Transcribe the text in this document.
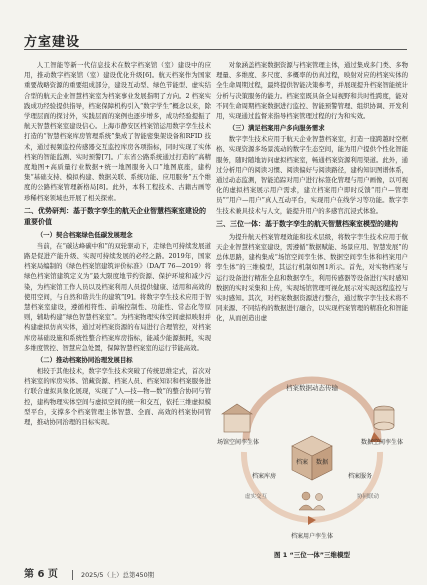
方室建设

人工智能等新一代信息技术在数字档案馆（室）建设中的应用，推动数字档案馆（室）建设优化升级[6]。航天档案作为国家重要战略资源的重要组成部分，建设互动型、绿色节能型、虚实结合型的航天企业智慧档案室为档案事业发展指明了方向。2 档案实践成功经验提供指导，档案保障机构引入“数字学生”概念以来，除学理层面的探讨外，实践层面的案例也逐步增多，成功经验提振了航天智慧档案室建设信心。上海市静安区档案馆运用数字孪生技术打造的“智慧档案库房管理系统”集成了智能密集架设备和RFID 技术，通过视频监控传感器交互监控库房各项指标，同时实现了实体档案的智能监测、实时预警[7]。广东省公路系统通过打造的“高精度地图+高质量行业数据+统一地图服务入口”地图底座，建构集“基础支持、模拟构建、数据关联、系统功能、应用服务”五个维度的公路档案管理新格局[8]。此外，本科工程技术、古籍古画等珍稀档案领域也开展了相关探索。

二、优势研判：基于数字孪生的航天企业智慧档案室建设的重要价值
（一）契合档案绿色低碳发展理念

当前，在“碳达峰碳中和”的双轮驱动下，走绿色可持续发展道路是促进产能升级、实现可持续发展的必经之路。2019年，国家档案局编制的《绿色档案馆建筑评价标准》（DA/T 76—2019）将绿色档案馆建筑定义为“最大限度地节约资源、保护环境和减少污染，为档案馆工作人员以及档案利用人员提供健康、适用和高效的使用空间，与自然和谐共生的建筑”[9]。将数字孪生技术应用于智慧档案室建设，遵循相符性、前端控制性、功能性、常态化等原则，辅助构建“绿色智慧档案室”。为档案物理实体空间虚拟映射并构建虚拟仿真实体，通过对档案资源的布局进行合理管控，对档案库房基础设施和系统性整合档案库房指标，能减少能源损耗，实现多维度管控、智慧应急处置，保障智慧档案室的运行节能高效。

（二）推动档案协同治理发展目标

相较于其他技术，数字孪生技术突破了传统思维定式，首次对档案室的库房实体、馆藏资源、档案人员、档案知识和档案服务进行联合虚拟具象化展现，实现了“人—技—物—数”的整合协同与管控，建构物理实体空间与虚拟空间的统一和交互，依托三维虚拟模型平台，支撑多个档案管理主体智慧、全面、高效的档案协同管理，推动协同治理的目标实现。

对象涵盖档案数据资源与档案管理主体，通过集成多门类、多物理量、多维度、多尺度、多概率的仿真过程，映射对应的档案实体的全生命周期过程，最终提供智能决策参考，并展现提升档案智能统计分析与决策服务的能力。档案室既具备全局视野和共时性跨度，能对不同生命周期档案数据进行监控、智能预警管理、组织协调、开发利用，实现通过监督来指导档案管理过程的行为和实效。

（三）满足档案用户多向服务需求

数字孪生技术应用于航天企业智慧档案室，打造一座跨越时空框格、实现资源多场景流动的数字生态空间，能为用户提供个性化智能服务，随时随地访问虚拟档案室，畅通档案资源利用渠道。此外，通过分析用户的阅读习惯、阅读偏好与阅读路径，建构知识图谱体系，通过动态监测，智能追踪对用户进行标签化管理与用户画像，以可视化的虚拟档案展示用户需求，建立档案用户即时反馈“用户—管理员”“用户—用户”真人互动平台，实现用户在线学习等功能。数字孪生技术兼具技术与人文，能提升用户的多感官沉浸式体验。

三、三位一体：基于数字孪生的航天智慧档案室模型的建构

为提升航天档案管理效能和技术层级，将数字孪生技术应用于航天企业智慧档案室建设，需遵循“数据赋能、场景应用、智慧发展”的总体思路，建构集成“场馆空间孪生体、数据空间孪生体和档案用户孪生体”的三维模型，其运行机制如图1所示。首先，对实物档案与运行设备进行精准全息和数据孪生，利用传感器等设备进行实时感知数据的实时采集和上传，实现场馆管理可视化展示对实现远程监控与实时感知。其次，对档案数据资源进行整合，通过数字孪生技术将不同来源、不同结构的数据进行融合，以实现档案管理的精准化和智能化，从而创造出虚

档案数据动态传输
场馆空间孪生体	数据空间孪生体
档案 数据
档案库房	档案服务
虚实交互	协同联动
档案用户孪生体
图 1 “三位一体”三维模型
第 6 页	2025/5（上）总第450期
